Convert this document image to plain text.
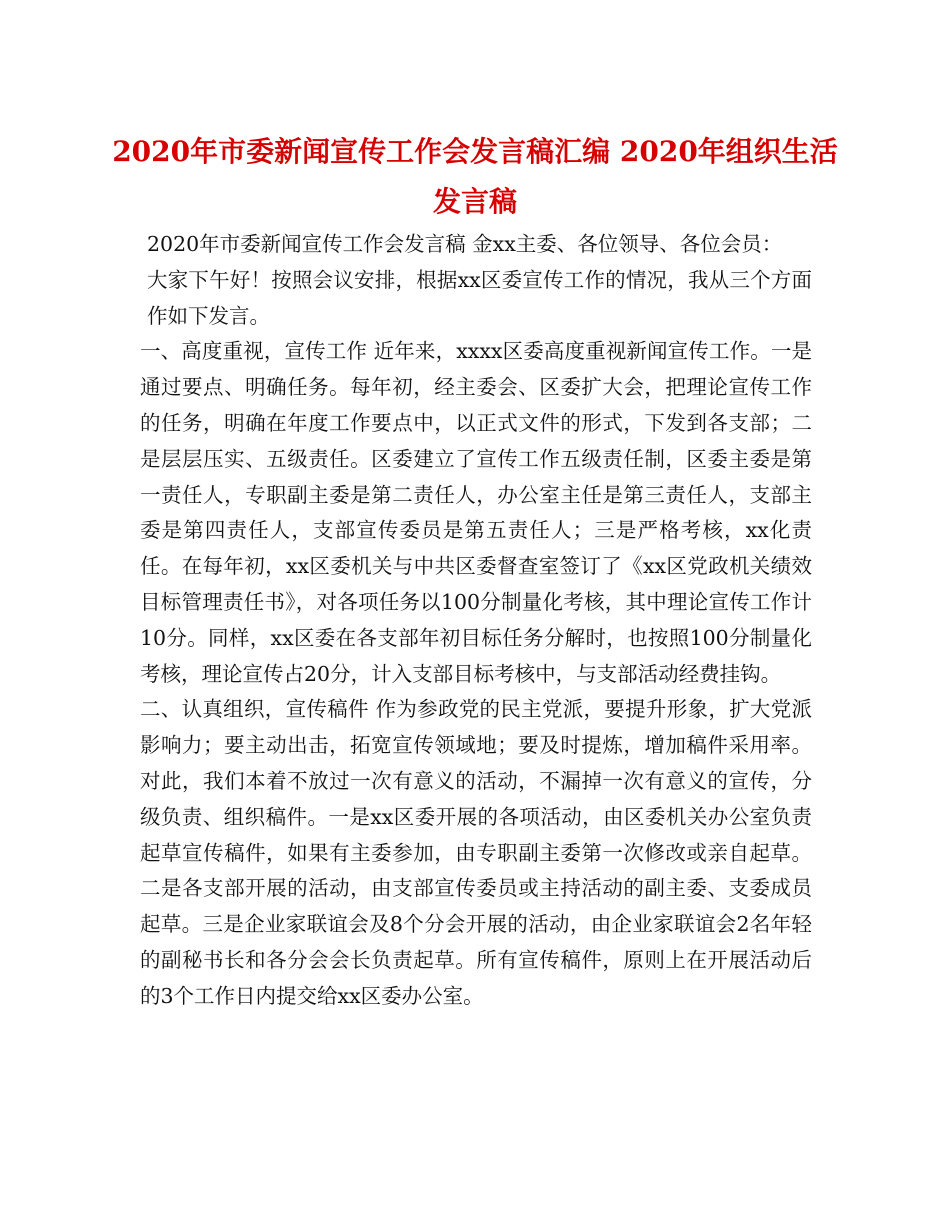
2020年市委新闻宣传工作会发言稿汇编 2020年组织生活发言稿

2020年市委新闻宣传工作会发言稿 金xx主委、各位领导、各位会员：

大家下午好！按照会议安排，根据xx区委宣传工作的情况，我从三个方面作如下发言。

一、高度重视，宣传工作 近年来，xxxx区委高度重视新闻宣传工作。一是通过要点、明确任务。每年初，经主委会、区委扩大会，把理论宣传工作的任务，明确在年度工作要点中，以正式文件的形式，下发到各支部；二是层层压实、五级责任。区委建立了宣传工作五级责任制，区委主委是第一责任人，专职副主委是第二责任人，办公室主任是第三责任人，支部主委是第四责任人，支部宣传委员是第五责任人；三是严格考核，xx化责任。在每年初，xx区委机关与中共区委督查室签订了《xx区党政机关绩效目标管理责任书》，对各项任务以100分制量化考核，其中理论宣传工作计10分。同样，xx区委在各支部年初目标任务分解时，也按照100分制量化考核，理论宣传占20分，计入支部目标考核中，与支部活动经费挂钩。

二、认真组织，宣传稿件 作为参政党的民主党派，要提升形象，扩大党派影响力；要主动出击，拓宽宣传领域地；要及时提炼，增加稿件采用率。对此，我们本着不放过一次有意义的活动，不漏掉一次有意义的宣传，分级负责、组织稿件。一是xx区委开展的各项活动，由区委机关办公室负责起草宣传稿件，如果有主委参加，由专职副主委第一次修改或亲自起草。二是各支部开展的活动，由支部宣传委员或主持活动的副主委、支委成员起草。三是企业家联谊会及8个分会开展的活动，由企业家联谊会2名年轻的副秘书长和各分会会长负责起草。所有宣传稿件，原则上在开展活动后的3个工作日内提交给xx区委办公室。
